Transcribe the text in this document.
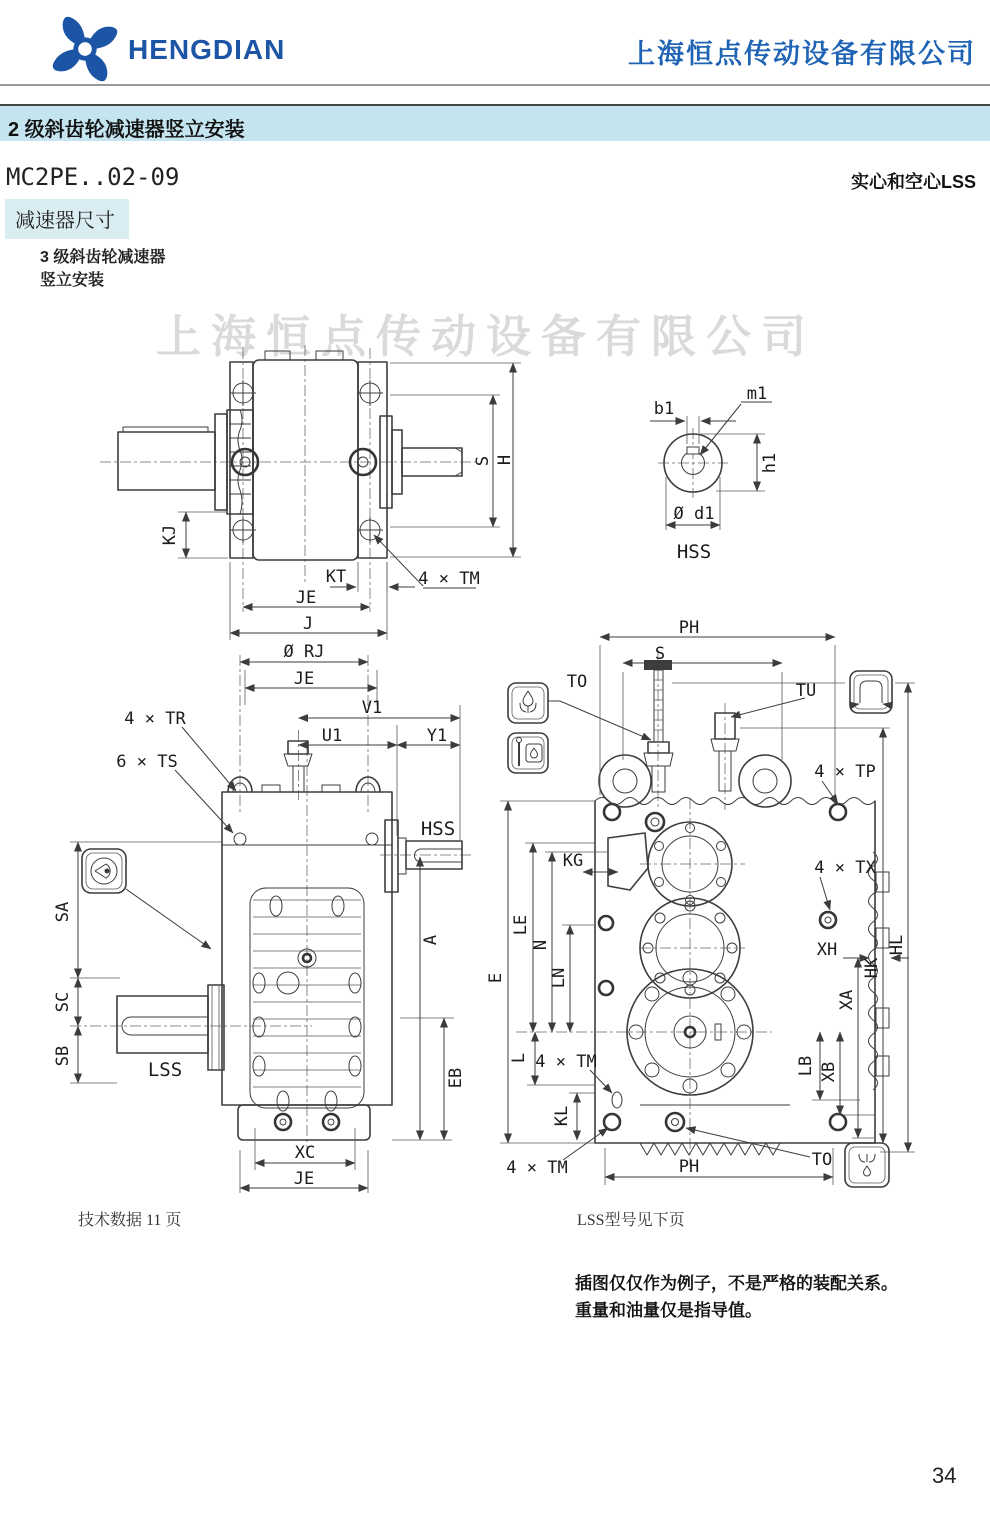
HENGDIAN	上海恒点传动设备有限公司
2 级斜齿轮减速器竖立安装
MC2PE..02-09	实心和空心LSS
减速器尺寸
3 级斜齿轮减速器
竖立安装
上海恒点传动设备有限公司
S H
KJ
KT
JE
J
4 × TM
b1
m1
h1
Ø d1
HSS
HSS
Ø RJ
JE
V1
U1	Y1
4 × TR
6 × TS
SA
SC
SB
LSS
A
EB
XC
JE
TO	TU
PH
S
4 × TP
KG	4 × TX
E
LE
N
LN
L 4 × TM
KL
4 × TM	PH	TO
XH
LB XB
XA
HK
HL
技术数据 11 页	LSS型号见下页
插图仅仅作为例子，不是严格的装配关系。
重量和油量仅是指导值。
34
